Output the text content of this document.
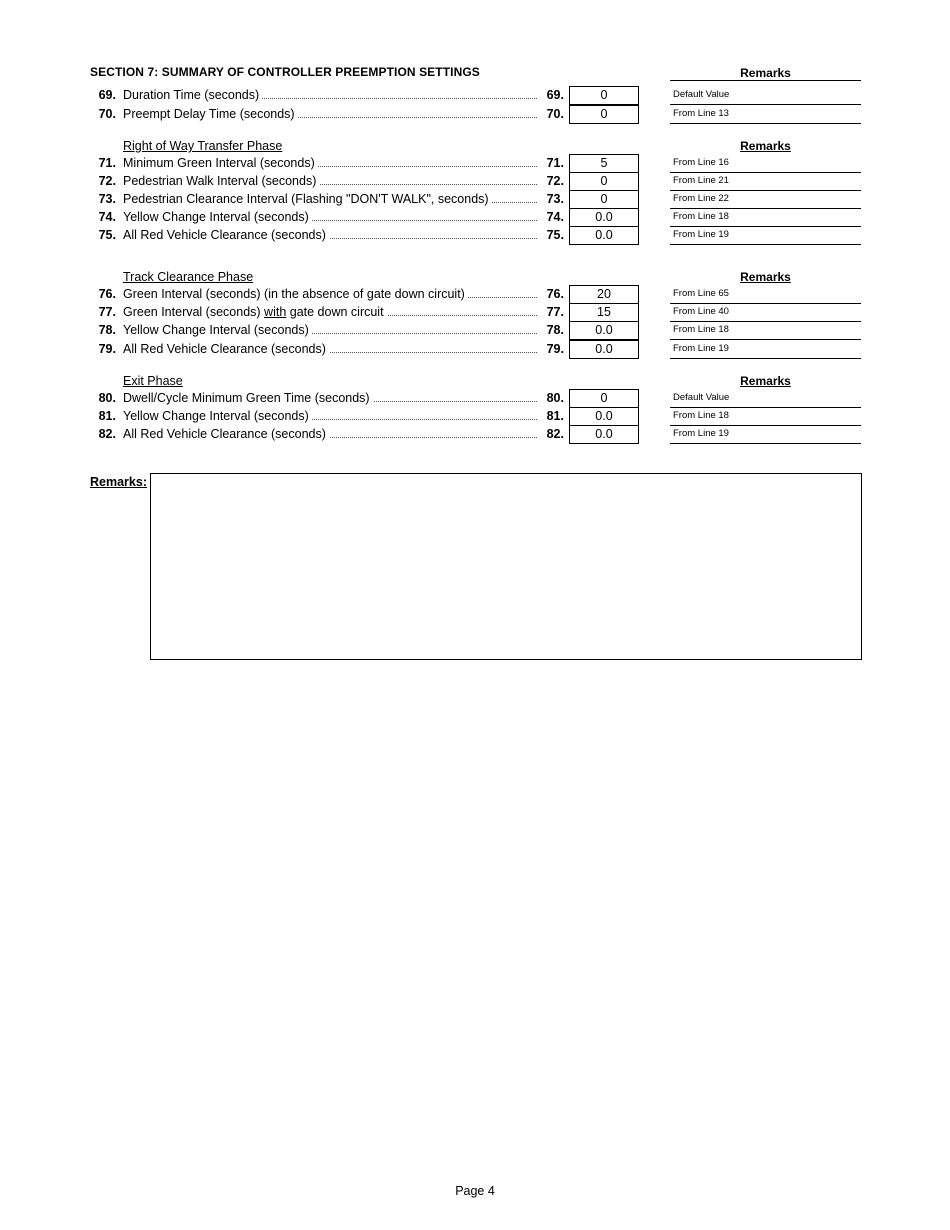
SECTION 7: SUMMARY OF CONTROLLER PREEMPTION SETTINGS	Remarks
69. Duration Time (seconds)	69.	0	Default Value
70. Preempt Delay Time (seconds)	70.	0	From Line 13
Right of Way Transfer Phase	Remarks
71. Minimum Green Interval (seconds)	71.	5	From Line 16
72. Pedestrian Walk Interval (seconds)	72.	0	From Line 21
73. Pedestrian Clearance Interval (Flashing "DON'T WALK", seconds)	73.	0	From Line 22
74. Yellow Change Interval (seconds)	74.	0.0	From Line 18
75. All Red Vehicle Clearance (seconds)	75.	0.0	From Line 19
Track Clearance Phase	Remarks
76. Green Interval (seconds) (in the absence of gate down circuit)	76.	20	From Line 65
77. Green Interval (seconds) with gate down circuit	77.	15	From Line 40
78. Yellow Change Interval (seconds)	78.	0.0	From Line 18
79. All Red Vehicle Clearance (seconds)	79.	0.0	From Line 19
Exit Phase	Remarks
80. Dwell/Cycle Minimum Green Time (seconds)	80.	0	Default Value
81. Yellow Change Interval (seconds)	81.	0.0	From Line 18
82. All Red Vehicle Clearance (seconds)	82.	0.0	From Line 19
Remarks:
Page 4
